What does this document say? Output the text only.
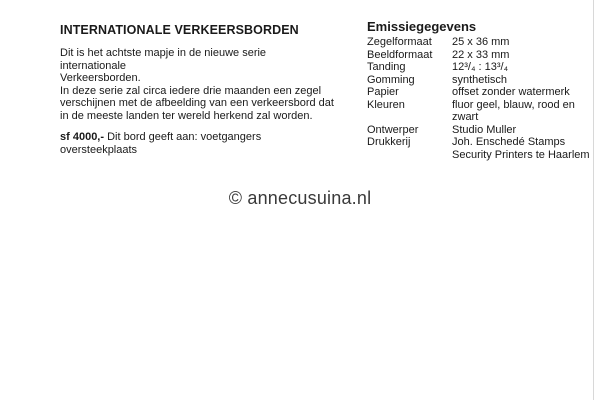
INTERNATIONALE VERKEERSBORDEN

Dit is het achtste mapje in de nieuwe serie internationale
Verkeersborden.
In deze serie zal circa iedere drie maanden een zegel
verschijnen met de afbeelding van een verkeersbord dat
in de meeste landen ter wereld herkend zal worden.

sf 4000,- Dit bord geeft aan: voetgangers oversteekplaats

Emissiegegevens
Zegelformaat	25 x 36 mm
Beeldformaat	22 x 33 mm
Tanding	12³/₄ : 13³/₄
Gomming	synthetisch
Papier	offset zonder watermerk
Kleuren	fluor geel, blauw, rood en
zwart
Ontwerper	Studio Muller
Drukkerij	Joh. Enschedé Stamps
Security Printers te Haarlem
© annecusuina.nl
